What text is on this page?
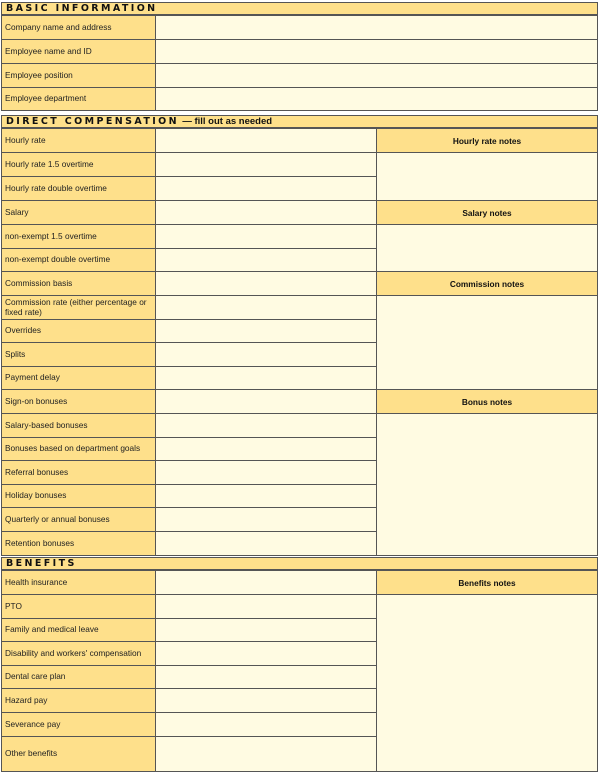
BASIC INFORMATION
Company name and address
Employee name and ID
Employee position
Employee department
DIRECT COMPENSATION — fill out as needed
Hourly rate
Hourly rate 1.5 overtime
Hourly rate double overtime
Salary
non-exempt 1.5 overtime
non-exempt double overtime
Commission basis
Commission rate (either percentage or fixed rate)
Overrides
Splits
Payment delay
Sign-on bonuses
Salary-based bonuses
Bonuses based on department goals
Referral bonuses
Holiday bonuses
Quarterly or annual bonuses
Retention bonuses
Hourly rate notes
Salary notes
Commission notes
Bonus notes
BENEFITS
Health insurance
PTO
Family and medical leave
Disability and workers' compensation
Dental care plan
Hazard pay
Severance pay
Other benefits
Benefits notes
